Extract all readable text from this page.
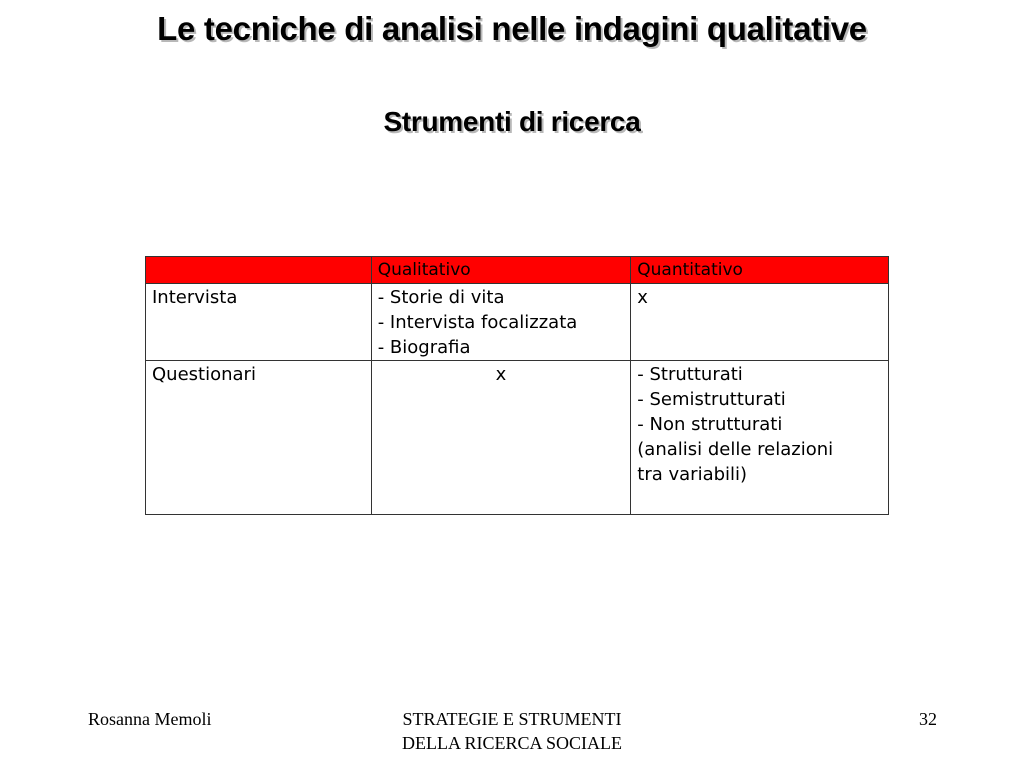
Le tecniche di analisi nelle indagini qualitative
Strumenti di ricerca
	Qualitativo	Quantitativo
Intervista	- Storie di vita
- Intervista focalizzata
- Biografia	x

Questionari	x	- Strutturati
- Semistrutturati
- Non strutturati
(analisi delle relazioni
tra variabili)
Rosanna Memoli	STRATEGIE E STRUMENTI
DELLA RICERCA SOCIALE
32
